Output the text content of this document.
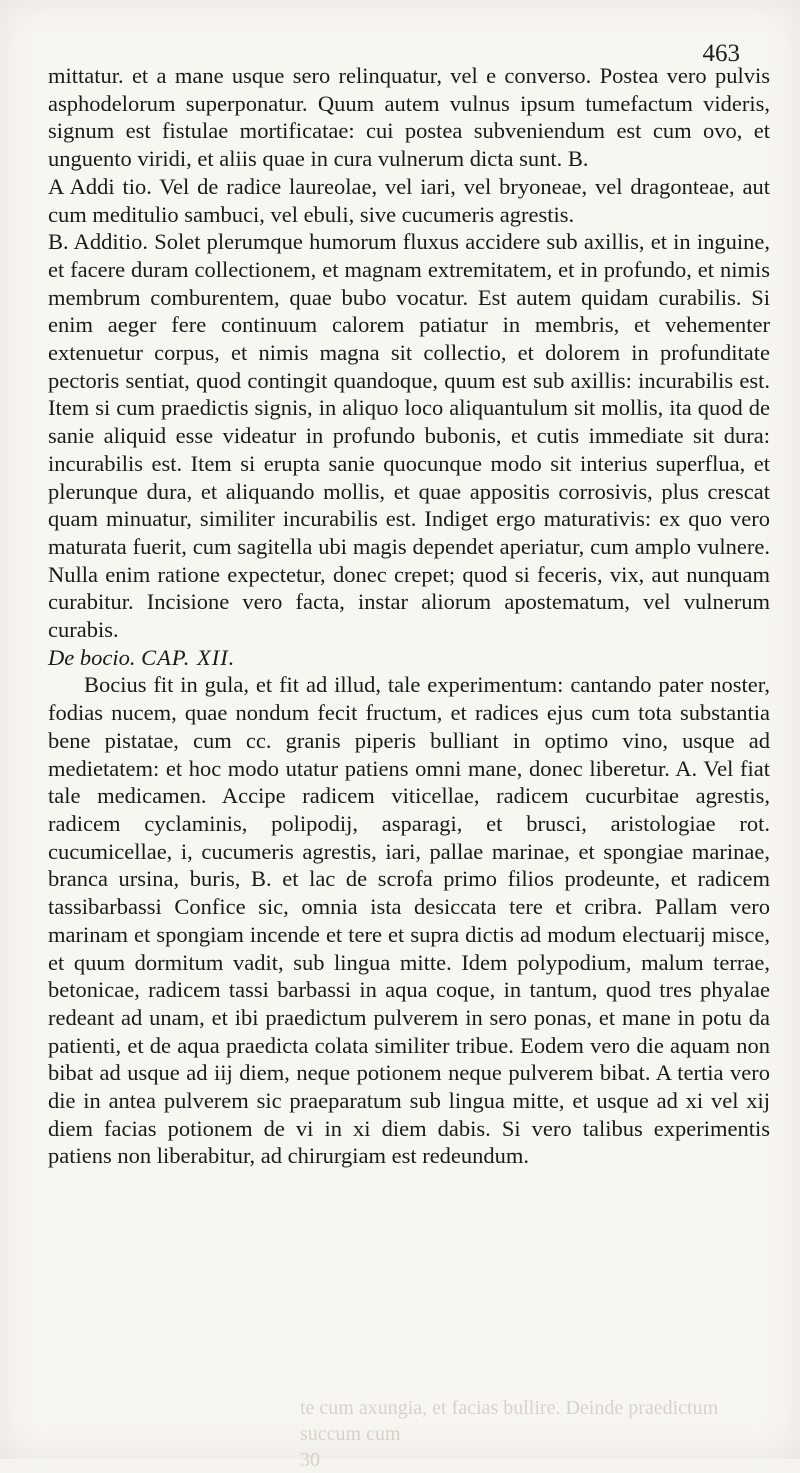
463

mittatur. et a mane usque sero relinquatur, vel e converso. Postea vero pulvis asphodelorum superponatur. Quum autem vulnus ipsum tumefactum videris, signum est fistulae mortificatae: cui postea subveniendum est cum ovo, et unguento viridi, et aliis quae in cura vulnerum dicta sunt. B.

A Addi tio. Vel de radice laureolae, vel iari, vel bryoneae, vel dragonteae, aut cum meditulio sambuci, vel ebuli, sive cucumeris agrestis.

B. Additio. Solet plerumque humorum fluxus accidere sub axillis, et in inguine, et facere duram collectionem, et magnam extremitatem, et in profundo, et nimis membrum comburentem, quae bubo vocatur. Est autem quidam curabilis. Si enim aeger fere continuum calorem patiatur in membris, et vehementer extenuetur corpus, et nimis magna sit collectio, et dolorem in profunditate pectoris sentiat, quod contingit quandoque, quum est sub axillis: incurabilis est. Item si cum praedictis signis, in aliquo loco aliquantulum sit mollis, ita quod de sanie aliquid esse videatur in profundo bubonis, et cutis immediate sit dura: incurabilis est. Item si erupta sanie quocunque modo sit interius superflua, et plerunque dura, et aliquando mollis, et quae appositis corrosivis, plus crescat quam minuatur, similiter incurabilis est. Indiget ergo maturativis: ex quo vero maturata fuerit, cum sagitella ubi magis dependet aperiatur, cum amplo vulnere. Nulla enim ratione expectetur, donec crepet; quod si feceris, vix, aut nunquam curabitur. Incisione vero facta, instar aliorum apostematum, vel vulnerum curabis.

De bocio. CAP. XII.

Bocius fit in gula, et fit ad illud, tale experimentum: cantando pater noster, fodias nucem, quae nondum fecit fructum, et radices ejus cum tota substantia bene pistatae, cum cc. granis piperis bulliant in optimo vino, usque ad medietatem: et hoc modo utatur patiens omni mane, donec liberetur. A. Vel fiat tale medicamen. Accipe radicem viticellae, radicem cucurbitae agrestis, radicem cyclaminis, polipodij, asparagi, et brusci, aristologiae rot. cucumicellae, i, cucumeris agrestis, iari, pallae marinae, et spongiae marinae, branca ursina, buris, B. et lac de scrofa primo filios prodeunte, et radicem tassibarbassi Confice sic, omnia ista desiccata tere et cribra. Pallam vero marinam et spongiam incende et tere et supra dictis ad modum electuarij misce, et quum dormitum vadit, sub lingua mitte. Idem polypodium, malum terrae, betonicae, radicem tassi barbassi in aqua coque, in tantum, quod tres phyalae redeant ad unam, et ibi praedictum pulverem in sero ponas, et mane in potu da patienti, et de aqua praedicta colata similiter tribue. Eodem vero die aquam non bibat ad usque ad iij diem, neque potionem neque pulverem bibat. A tertia vero die in antea pulverem sic praeparatum sub lingua mitte, et usque ad xi vel xij diem facias potionem de vi in xi diem dabis. Si vero talibus experimentis patiens non liberabitur, ad chirurgiam est redeundum.

te cum axungia, et facias bullire. Deinde praedictum succum cum
30
